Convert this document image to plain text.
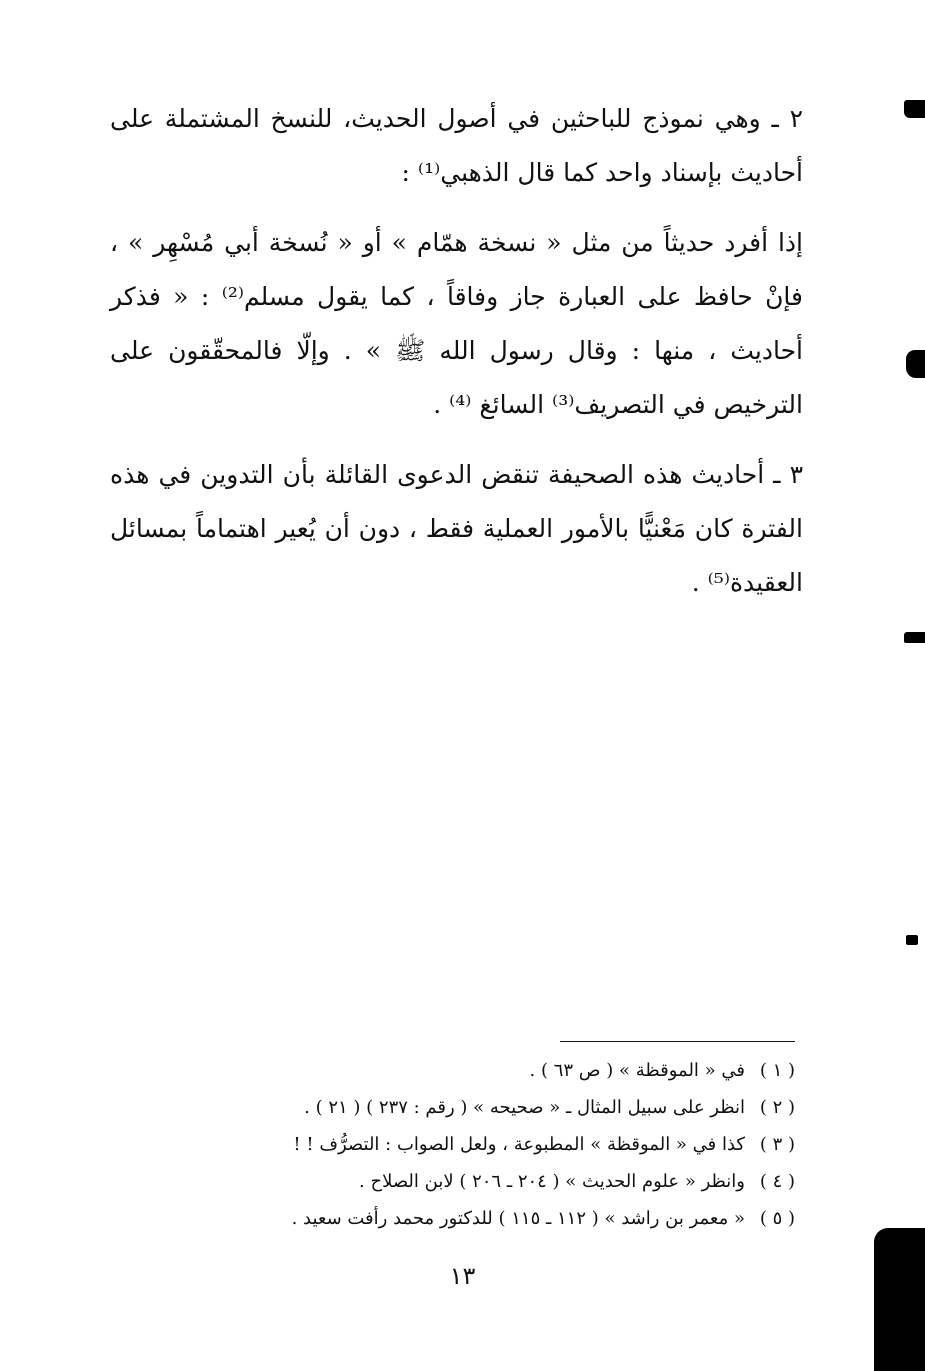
٢ ـ وهي نموذج للباحثين في أصول الحديث، للنسخ المشتملة على أحاديث بإسناد واحد كما قال الذهبي⁽¹⁾ :

إذا أفرد حديثاً من مثل « نسخة همّام » أو « نُسخة أبي مُسْهِر » ، فإنْ حافظ على العبارة جاز وفاقاً ، كما يقول مسلم⁽²⁾ : « فذكر أحاديث ، منها : وقال رسول الله ﷺ » . وإلّا فالمحقّقون على الترخيص في التصريف⁽³⁾ السائغ ⁽⁴⁾ .

٣ ـ أحاديث هذه الصحيفة تنقض الدعوى القائلة بأن التدوين في هذه الفترة كان مَعْنيًّا بالأمور العملية فقط ، دون أن يُعير اهتماماً بمسائل العقيدة⁽⁵⁾ .

( ١ )في « الموقظة » ( ص ٦٣ ) .
( ٢ )انظر على سبيل المثال ـ « صحيحه » ( رقم : ٢٣٧ ) ( ٢١ ) .
( ٣ )كذا في « الموقظة » المطبوعة ، ولعل الصواب : التصرُّف ! !
( ٤ )وانظر « علوم الحديث » ( ٢٠٤ ـ ٢٠٦ ) لابن الصلاح .
( ٥ )« معمر بن راشد » ( ١١٢ ـ ١١٥ ) للدكتور محمد رأفت سعيد .
١٣
